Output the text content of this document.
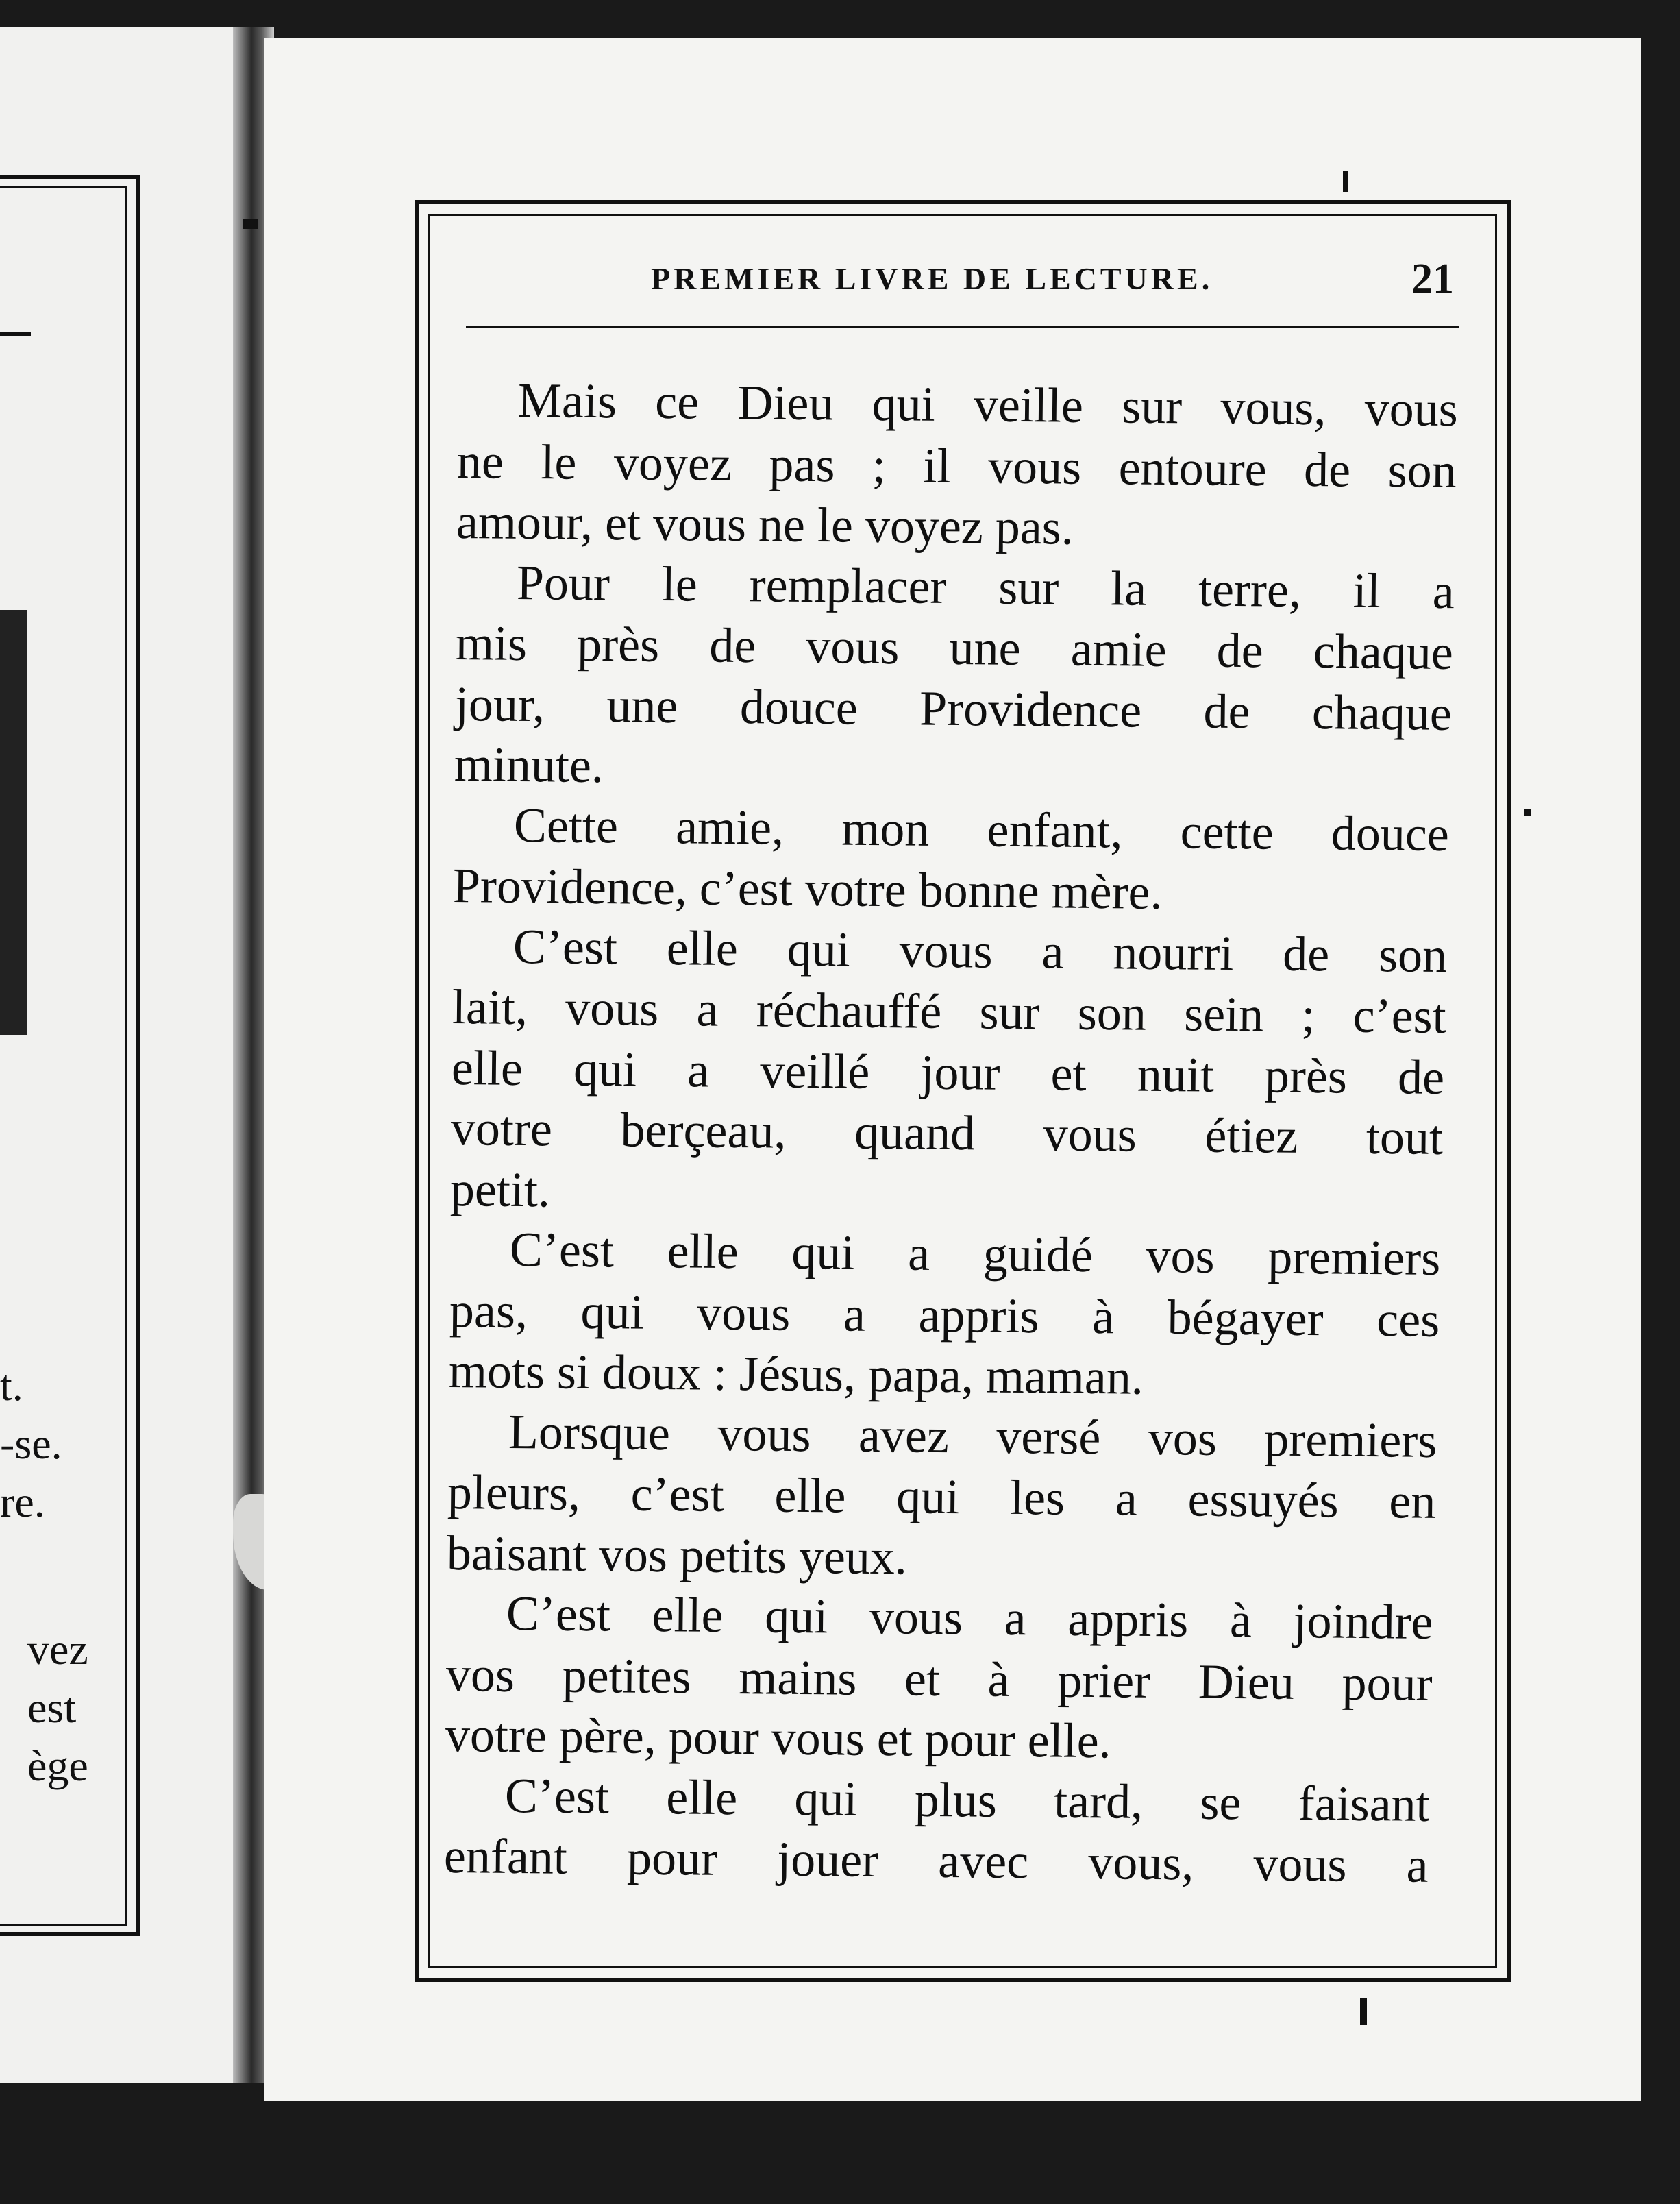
t.
-se.
re.
vez
est
ège
PREMIER LIVRE DE LECTURE.	21
Mais ce Dieu qui veille sur vous, vous
ne le voyez pas ; il vous entoure de son
amour, et vous ne le voyez pas.
Pour le remplacer sur la terre, il a
mis près de vous une amie de chaque
jour, une douce Providence de chaque
minute.
Cette amie, mon enfant, cette douce
Providence, c’est votre bonne mère.
C’est elle qui vous a nourri de son
lait, vous a réchauffé sur son sein ; c’est
elle qui a veillé jour et nuit près de
votre berçeau, quand vous étiez tout
petit.
C’est elle qui a guidé vos premiers
pas, qui vous a appris à bégayer ces
mots si doux : Jésus, papa, maman.
Lorsque vous avez versé vos premiers
pleurs, c’est elle qui les a essuyés en
baisant vos petits yeux.
C’est elle qui vous a appris à joindre
vos petites mains et à prier Dieu pour
votre père, pour vous et pour elle.
C’est elle qui plus tard, se faisant
enfant pour jouer avec vous, vous a
